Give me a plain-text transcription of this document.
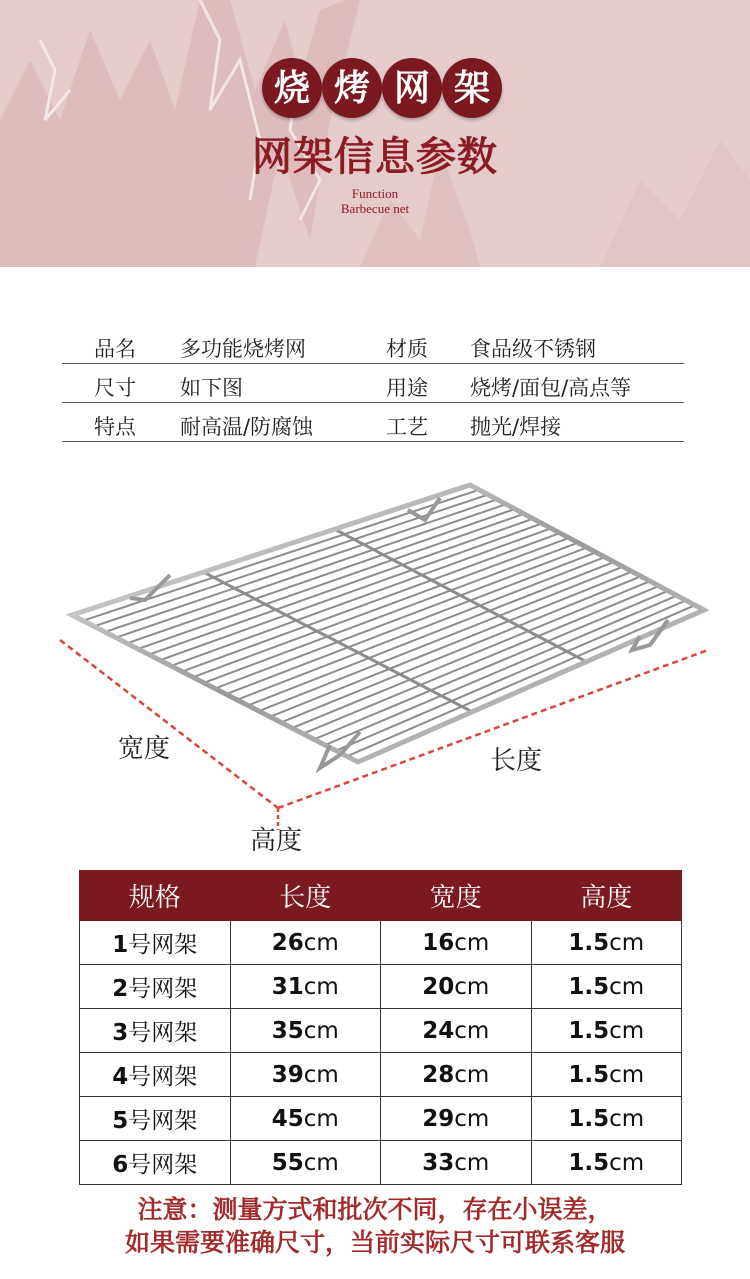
烧 烤 网 架
网架信息参数
Function
Barbecue net
品名 多功能烧烤网	材质 食品级不锈钢
尺寸 如下图	用途 烧烤/面包/高点等
特点 耐高温/防腐蚀	工艺 抛光/焊接
宽度	长度
高度
规格	长度	宽度	高度
1号网架	26cm	16cm	1.5cm
2号网架	31cm	20cm	1.5cm
3号网架	35cm	24cm	1.5cm
4号网架	39cm	28cm	1.5cm
5号网架	45cm	29cm	1.5cm
6号网架	55cm	33cm	1.5cm
注意：测量方式和批次不同，存在小误差，
如果需要准确尺寸，当前实际尺寸可联系客服
